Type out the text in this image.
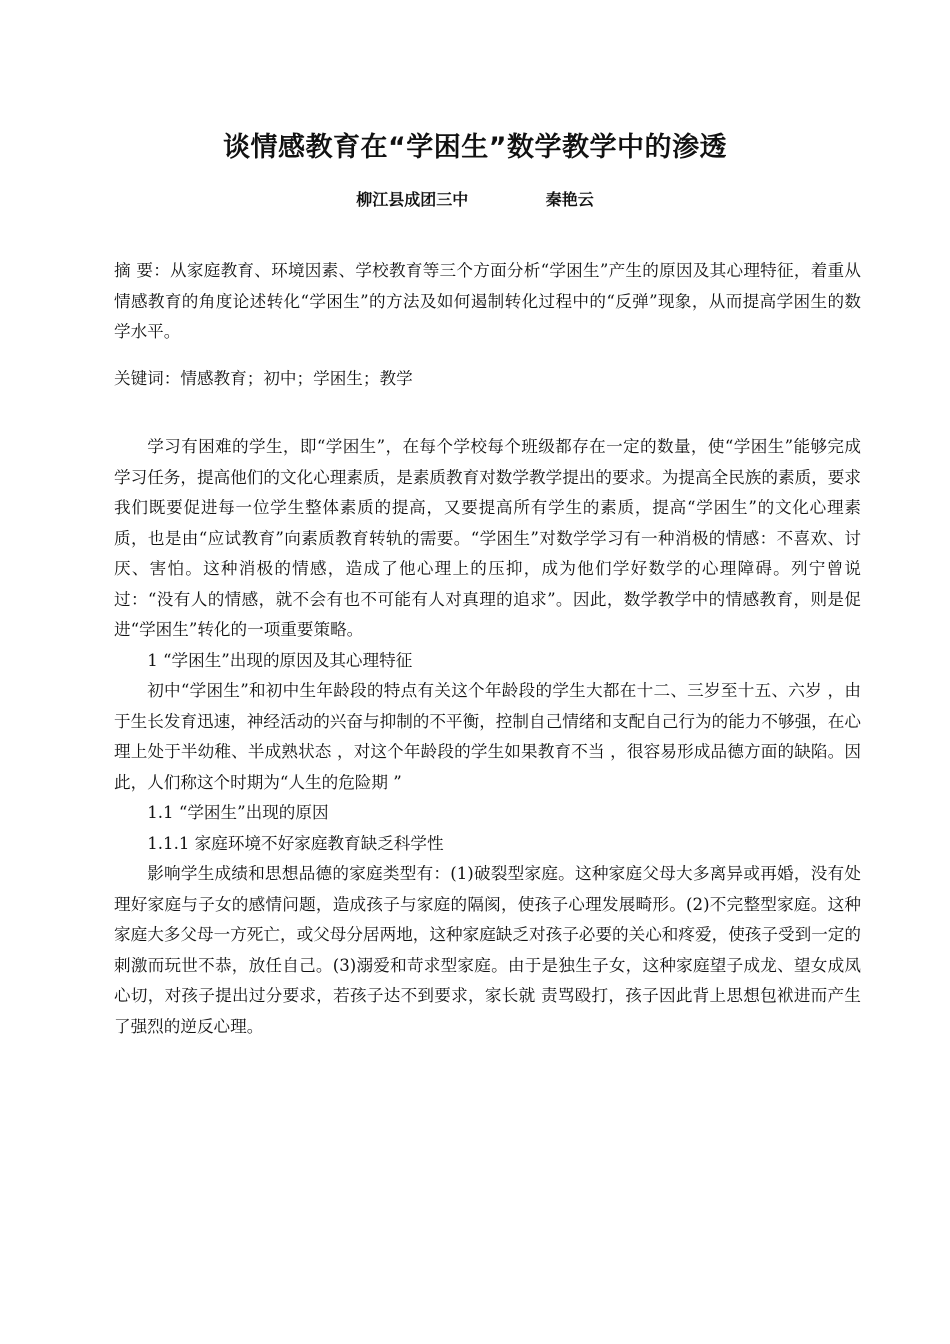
谈情感教育在“学困生”数学教学中的渗透
柳江县成团三中	秦艳云

摘 要：从家庭教育、环境因素、学校教育等三个方面分析“学困生”产生的原因及其心理特征，着重从情感教育的角度论述转化“学困生”的方法及如何遏制转化过程中的“反弹”现象，从而提高学困生的数学水平。

关键词：情感教育；初中；学困生；教学

学习有困难的学生，即“学困生”，在每个学校每个班级都存在一定的数量，使“学困生”能够完成学习任务，提高他们的文化心理素质，是素质教育对数学教学提出的要求。为提高全民族的素质，要求我们既要促进每一位学生整体素质的提高，又要提高所有学生的素质，提高“学困生”的文化心理素质，也是由“应试教育”向素质教育转轨的需要。“学困生”对数学学习有一种消极的情感：不喜欢、讨厌、害怕。这种消极的情感，造成了他心理上的压抑，成为他们学好数学的心理障碍。列宁曾说过：“没有人的情感，就不会有也不可能有人对真理的追求”。因此，数学教学中的情感教育，则是促进“学困生”转化的一项重要策略。

1 “学困生”出现的原因及其心理特征

初中“学困生”和初中生年龄段的特点有关这个年龄段的学生大都在十二、三岁至十五、六岁 ，由于生长发育迅速，神经活动的兴奋与抑制的不平衡，控制自己情绪和支配自己行为的能力不够强，在心理上处于半幼稚、半成熟状态 ，对这个年龄段的学生如果教育不当 ，很容易形成品德方面的缺陷。因此，人们称这个时期为“人生的危险期 ”

1.1 “学困生”出现的原因

1.1.1 家庭环境不好家庭教育缺乏科学性

影响学生成绩和思想品德的家庭类型有：(1)破裂型家庭。这种家庭父母大多离异或再婚，没有处理好家庭与子女的感情问题，造成孩子与家庭的隔阂，使孩子心理发展畸形。(2)不完整型家庭。这种家庭大多父母一方死亡，或父母分居两地，这种家庭缺乏对孩子必要的关心和疼爱，使孩子受到一定的刺激而玩世不恭，放任自己。(3)溺爱和苛求型家庭。由于是独生子女，这种家庭望子成龙、望女成凤心切，对孩子提出过分要求，若孩子达不到要求，家长就 责骂殴打，孩子因此背上思想包袱进而产生了强烈的逆反心理。
